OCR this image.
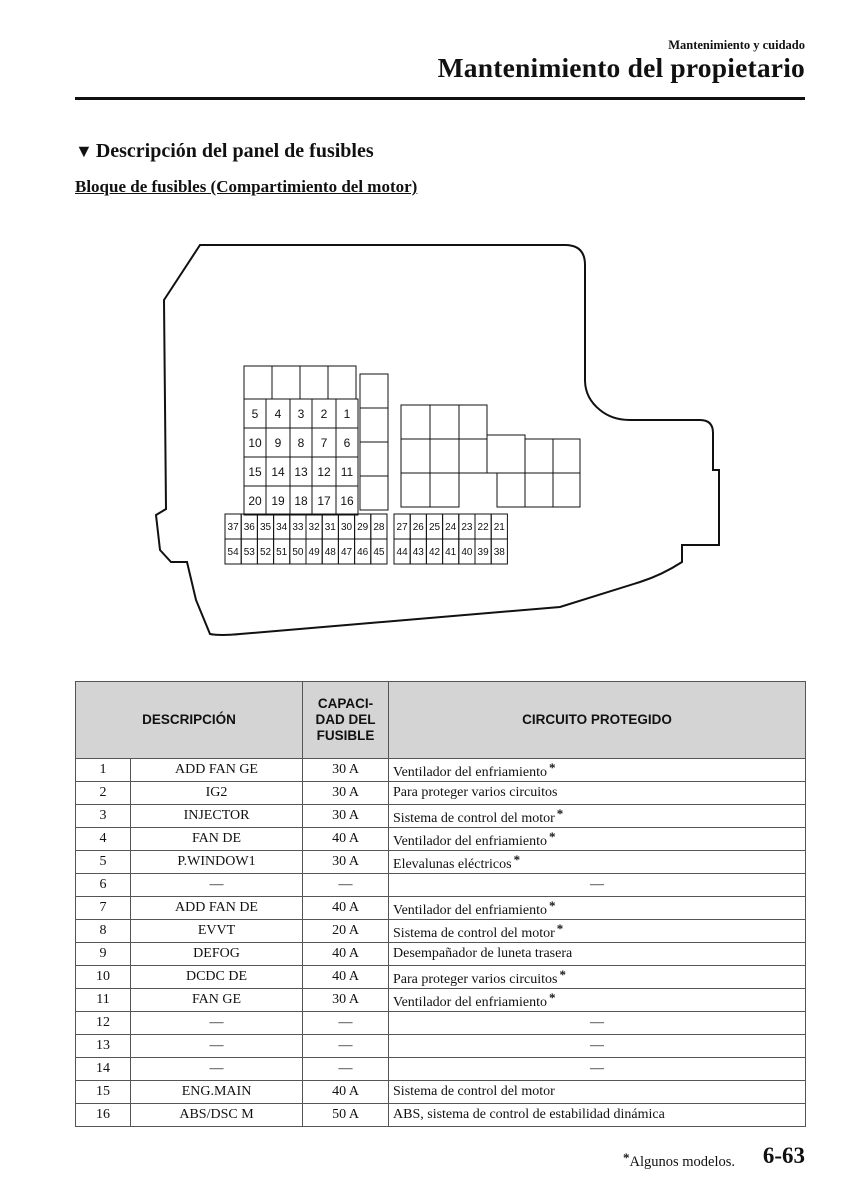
Mantenimiento y cuidado
Mantenimiento del propietario
▼ Descripción del panel de fusibles
Bloque de fusibles (Compartimiento del motor)
5 4 3 2 1
10 9 8 7 6
15 14 13 12 11
20 19 18 17 16
37 36 35 34 33 32 31 30 29 28
54 53 52 51 50 49 48 47 46 45
27 26 25 24 23 22 21
44 43 42 41 40 39 38
DESCRIPCIÓN		CAPACI-
DAD DEL
FUSIBLE	CIRCUITO PROTEGIDO
1	ADD FAN GE	30 A	Ventilador del enfriamiento *
2	IG2	30 A	Para proteger varios circuitos
3	INJECTOR	30 A	Sistema de control del motor *
4	FAN DE	40 A	Ventilador del enfriamiento *
5	P.WINDOW1	30 A	Elevalunas eléctricos *
6	—	—	—
7	ADD FAN DE	40 A	Ventilador del enfriamiento *
8	EVVT	20 A	Sistema de control del motor *
9	DEFOG	40 A	Desempañador de luneta trasera
10	DCDC DE	40 A	Para proteger varios circuitos *
11	FAN GE	30 A	Ventilador del enfriamiento *
12	—	—	—
13	—	—	—
14	—	—	—
15	ENG.MAIN	40 A	Sistema de control del motor
16	ABS/DSC M	50 A	ABS, sistema de control de estabilidad dinámica
*Algunos modelos. 6-63
